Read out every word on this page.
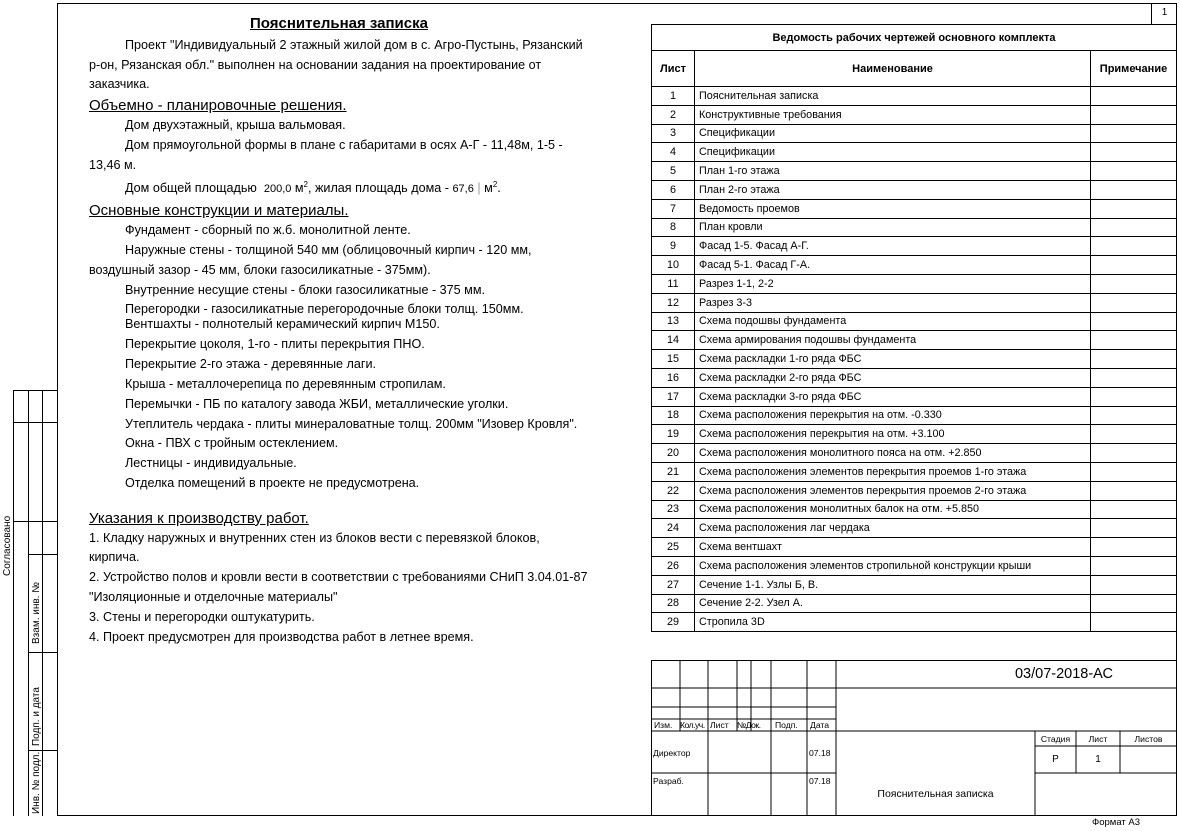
1
Согласовано
Взам. инв. №
Подп. и дата
Инв. № подл.
Пояснительная записка

Проект "Индивидуальный 2 этажный жилой дом в с. Агро-Пустынь, Рязанский р-он, Рязанская обл." выполнен на основании задания на проектирование от заказчика.

Объемно - планировочные решения.

Дом двухэтажный, крыша вальмовая.

Дом прямоугольной формы в плане с габаритами в осях А-Г - 11,48м, 1-5 - 13,46 м.

Дом общей площадью 200,0 $м^2$, жилая площадь дома - 67,6 | $м^2$.

Основные конструкции и материалы.

Фундамент - сборный по ж.б. монолитной ленте.

Наружные стены - толщиной 540 мм (облицовочный кирпич - 120 мм, воздушный зазор - 45 мм, блоки газосиликатные - 375мм).

Внутренние несущие стены - блоки газосиликатные - 375 мм.

Перегородки - газосиликатные перегородочные блоки толщ. 150мм.

Вентшахты - полнотелый керамический кирпич М150.

Перекрытие цоколя, 1-го - плиты перекрытия ПНО.

Перекрытие 2-го этажа - деревянные лаги.

Крыша - металлочерепица по деревянным стропилам.

Перемычки - ПБ по каталогу завода ЖБИ, металлические уголки.

Утеплитель чердака - плиты минераловатные толщ. 200мм "Изовер Кровля".

Окна - ПВХ с тройным остеклением.

Лестницы - индивидуальные.

Отделка помещений в проекте не предусмотрена.

Указания к производству работ.

1. Кладку наружных и внутренних стен из блоков вести с перевязкой блоков, кирпича.

2. Устройство полов и кровли вести в соответствии с требованиями СНиП 3.04.01-87 "Изоляционные и отделочные материалы"

3. Стены и перегородки оштукатурить.

4. Проект предусмотрен для производства работ в летнее время.

Ведомость рабочих чертежей основного комплекта		
Лист	Наименование	Примечание
1	Пояснительная записка	
2	Конструктивные требования	
3	Спецификации	
4	Спецификации	
5	План 1-го этажа	
6	План 2-го этажа	
7	Ведомость проемов	
8	План кровли	
9	Фасад 1-5. Фасад А-Г.	
10	Фасад 5-1. Фасад Г-А.	
11	Разрез 1-1, 2-2	
12	Разрез 3-3	
13	Схема подошвы фундамента	
14	Схема армирования подошвы фундамента	
15	Схема раскладки 1-го ряда ФБС	
16	Схема раскладки 2-го ряда ФБС	
17	Схема раскладки 3-го ряда ФБС	
18	Схема расположения перекрытия на отм. -0.330	
19	Схема расположения перекрытия на отм. +3.100	
20	Схема расположения монолитного пояса на отм. +2.850	
21	Схема расположения элементов перекрытия проемов 1-го этажа	
22	Схема расположения элементов перекрытия проемов 2-го этажа	
23	Схема расположения монолитных балок на отм. +5.850	
24	Схема расположения лаг чердака	
25	Схема вентшахт	
26	Схема расположения элементов стропильной конструкции крыши	
27	Сечение 1-1. Узлы Б, В.	
28	Сечение 2-2. Узел А.	
29	Стропила 3D	
03/07-2018-АС
Изм. Кол.уч. Лист №Док. Подп. Дата
Директор	07.18
Разраб.	07.18
Стадия	Лист	Листов
Р	1
Пояснительная записка
Формат А3
